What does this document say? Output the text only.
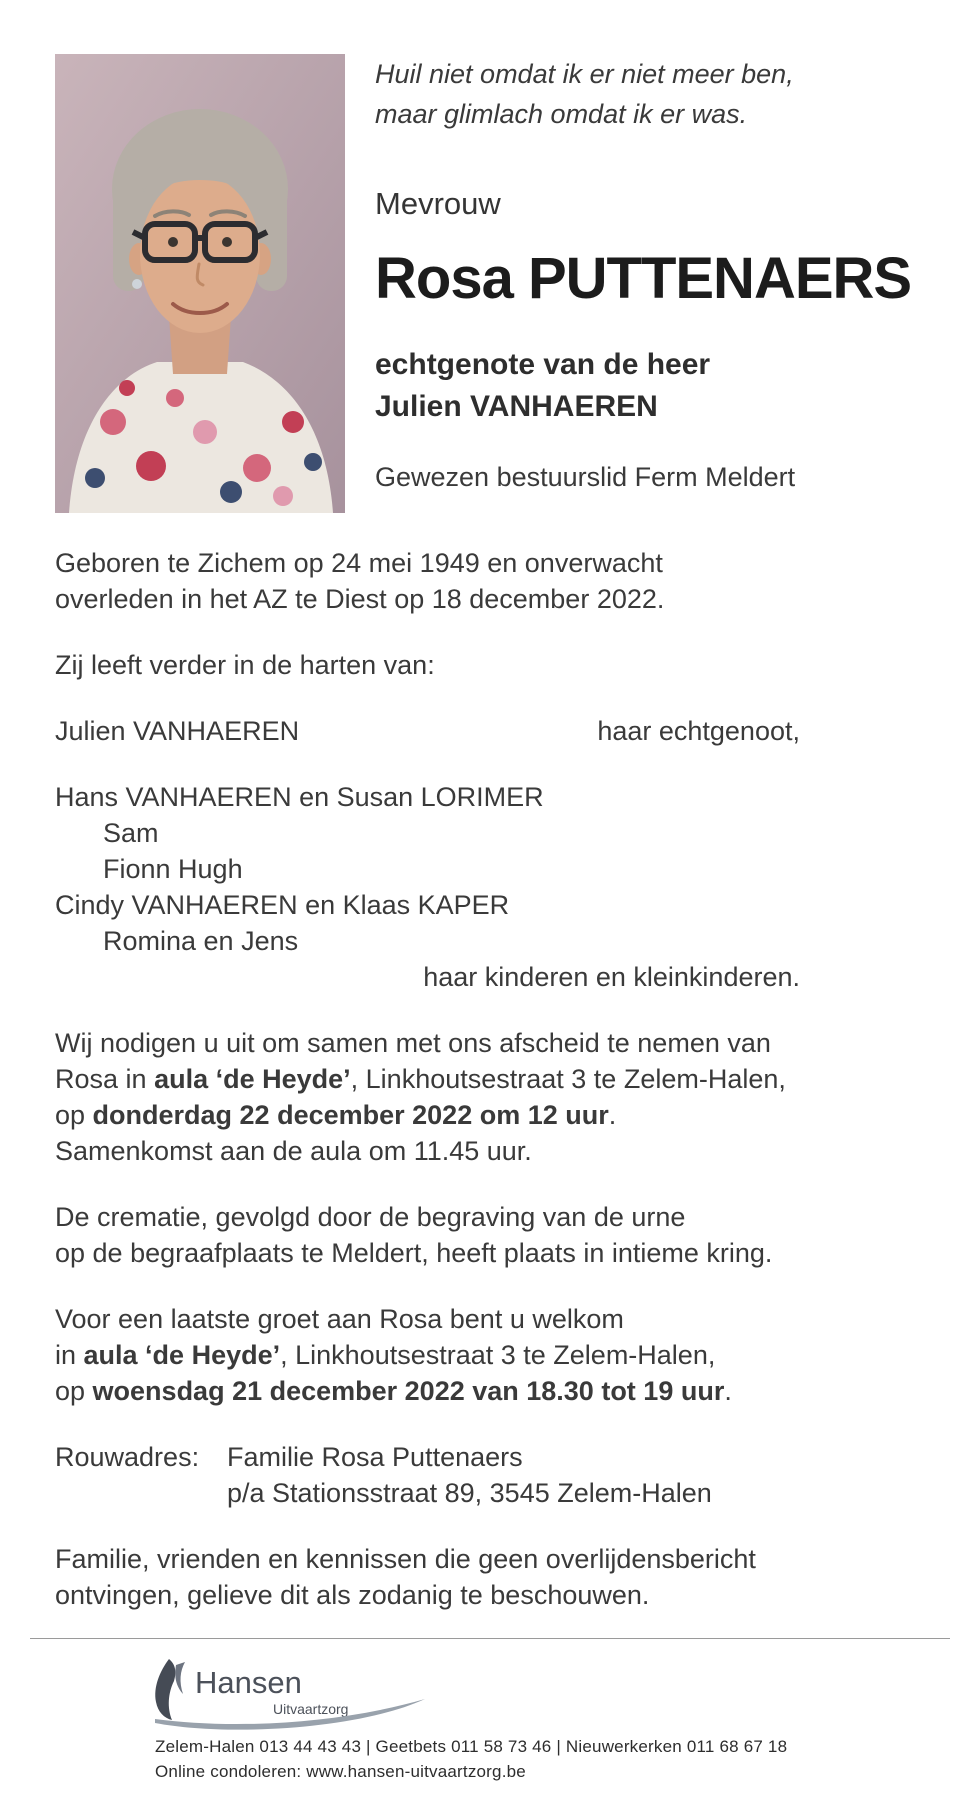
Huil niet omdat ik er niet meer ben,
maar glimlach omdat ik er was.
Mevrouw
Rosa PUTTENAERS
echtgenote van de heer
Julien VANHAEREN
Gewezen bestuurslid Ferm Meldert
Geboren te Zichem op 24 mei 1949 en onverwacht
overleden in het AZ te Diest op 18 december 2022.
Zij leeft verder in de harten van:
Julien VANHAEREN	haar echtgenoot,
Hans VANHAEREN en Susan LORIMER
Sam
Fionn Hugh
Cindy VANHAEREN en Klaas KAPER
Romina en Jens
haar kinderen en kleinkinderen.
Wij nodigen u uit om samen met ons afscheid te nemen van
Rosa in aula ‘de Heyde’, Linkhoutsestraat 3 te Zelem-Halen,
op donderdag 22 december 2022 om 12 uur.
Samenkomst aan de aula om 11.45 uur.
De crematie, gevolgd door de begraving van de urne
op de begraafplaats te Meldert, heeft plaats in intieme kring.
Voor een laatste groet aan Rosa bent u welkom
in aula ‘de Heyde’, Linkhoutsestraat 3 te Zelem-Halen,
op woensdag 21 december 2022 van 18.30 tot 19 uur.
Rouwadres:	Familie Rosa Puttenaers
p/a Stationsstraat 89, 3545 Zelem-Halen
Familie, vrienden en kennissen die geen overlijdensbericht
ontvingen, gelieve dit als zodanig te beschouwen.
Hansen
Uitvaartzorg
Zelem-Halen 013 44 43 43 | Geetbets 011 58 73 46 | Nieuwerkerken 011 68 67 18
Online condoleren: www.hansen-uitvaartzorg.be
